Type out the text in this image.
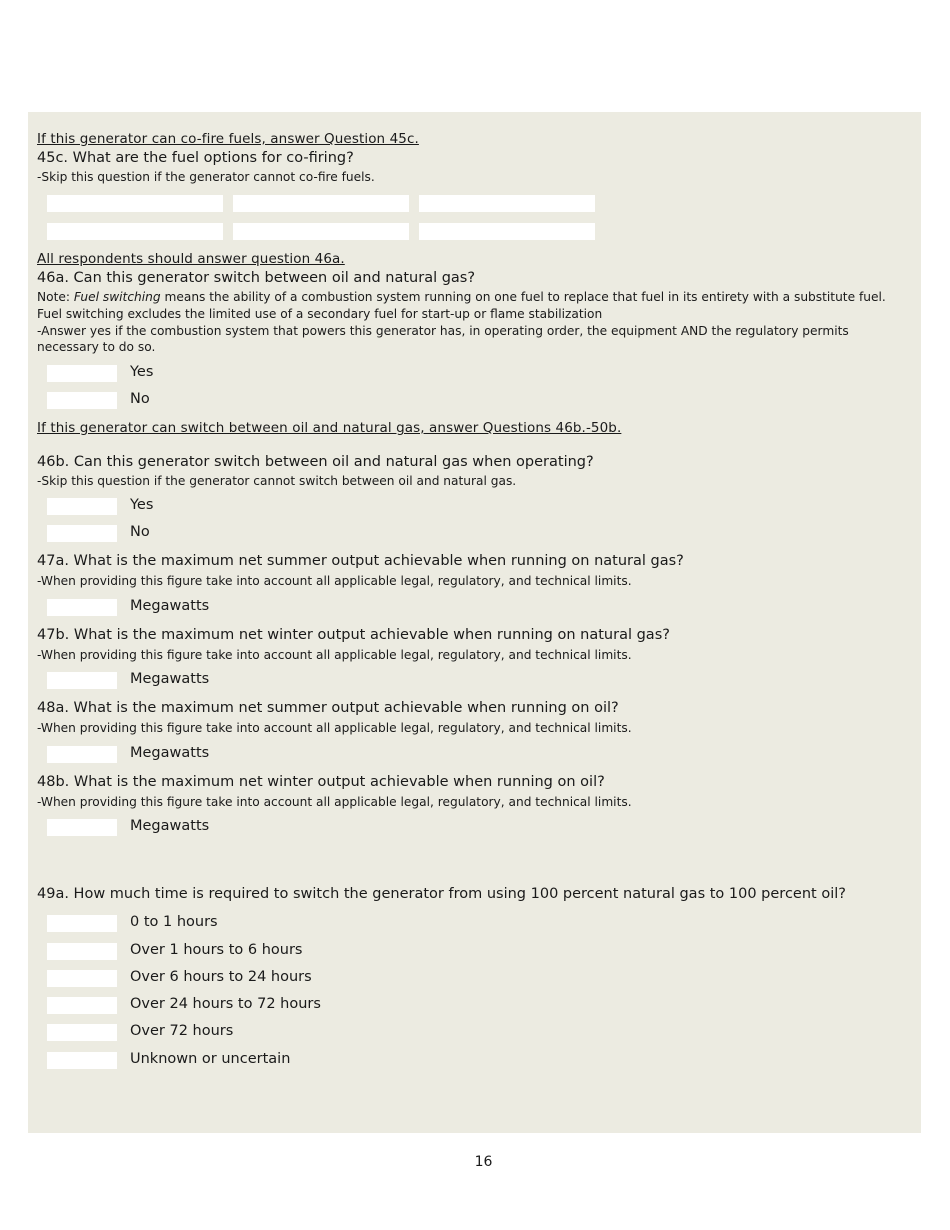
If this generator can co-fire fuels, answer Question 45c.
45c. What are the fuel options for co-firing?
-Skip this question if the generator cannot co-fire fuels.
All respondents should answer question 46a.
46a. Can this generator switch between oil and natural gas?
Note: Fuel switching means the ability of a combustion system running on one fuel to replace that fuel in its entirety with a substitute fuel.
Fuel switching excludes the limited use of a secondary fuel for start-up or flame stabilization
-Answer yes if the combustion system that powers this generator has, in operating order, the equipment AND the regulatory permits
necessary to do so.
Yes
No
If this generator can switch between oil and natural gas, answer Questions 46b.-50b.
46b. Can this generator switch between oil and natural gas when operating?
-Skip this question if the generator cannot switch between oil and natural gas.
Yes
No
47a. What is the maximum net summer output achievable when running on natural gas?
-When providing this figure take into account all applicable legal, regulatory, and technical limits.
Megawatts
47b. What is the maximum net winter output achievable when running on natural gas?
-When providing this figure take into account all applicable legal, regulatory, and technical limits.
Megawatts
48a. What is the maximum net summer output achievable when running on oil?
-When providing this figure take into account all applicable legal, regulatory, and technical limits.
Megawatts
48b. What is the maximum net winter output achievable when running on oil?
-When providing this figure take into account all applicable legal, regulatory, and technical limits.
Megawatts
49a. How much time is required to switch the generator from using 100 percent natural gas to 100 percent oil?
0 to 1 hours
Over 1 hours to 6 hours
Over 6 hours to 24 hours
Over 24 hours to 72 hours
Over 72 hours
Unknown or uncertain
16
